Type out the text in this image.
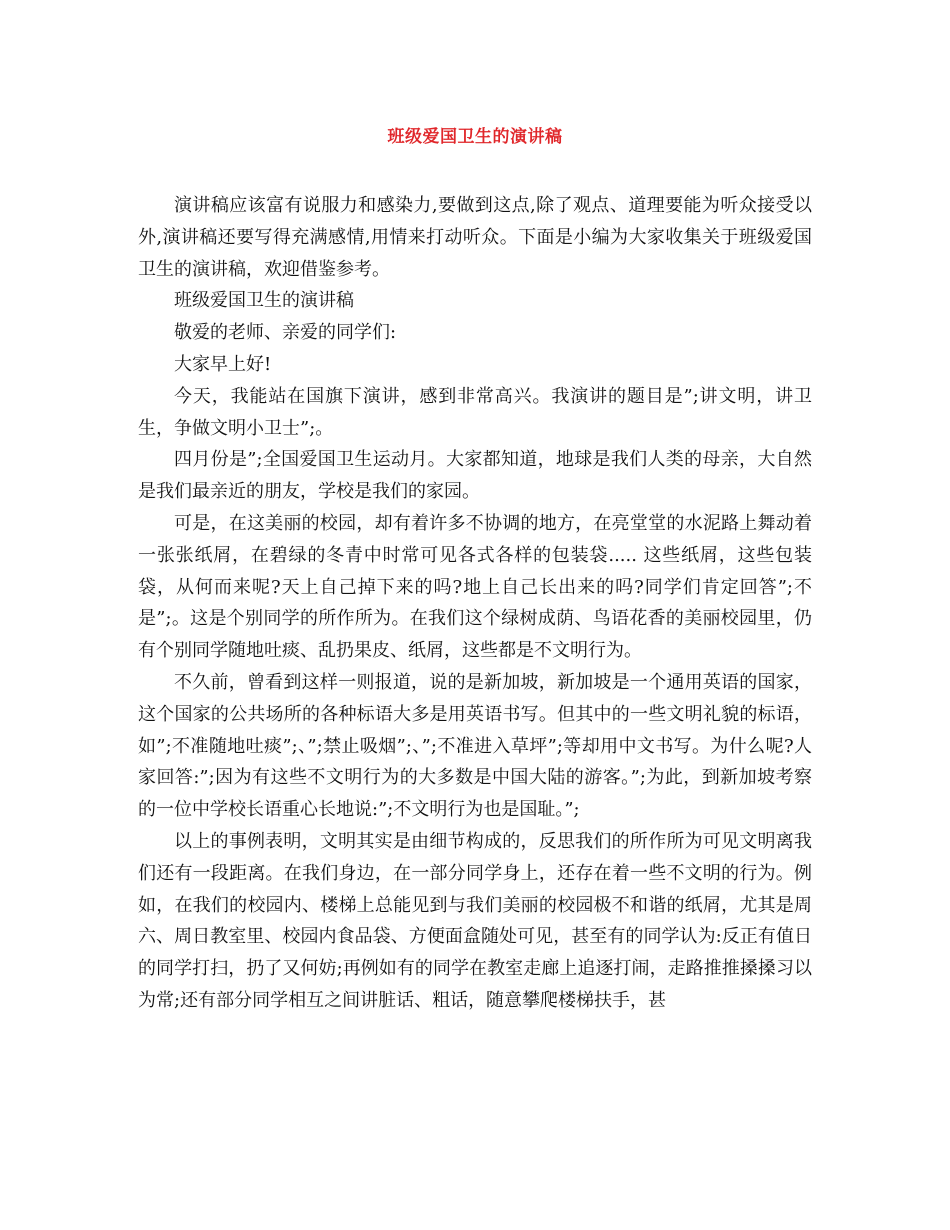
班级爱国卫生的演讲稿

演讲稿应该富有说服力和感染力,要做到这点,除了观点、道理要能为听众接受以外,演讲稿还要写得充满感情,用情来打动听众。下面是小编为大家收集关于班级爱国卫生的演讲稿，欢迎借鉴参考。

班级爱国卫生的演讲稿

敬爱的老师、亲爱的同学们:

大家早上好!

今天，我能站在国旗下演讲，感到非常高兴。我演讲的题目是”;讲文明，讲卫生，争做文明小卫士”;。

四月份是”;全国爱国卫生运动月。大家都知道，地球是我们人类的母亲，大自然是我们最亲近的朋友，学校是我们的家园。

可是，在这美丽的校园，却有着许多不协调的地方，在亮堂堂的水泥路上舞动着一张张纸屑，在碧绿的冬青中时常可见各式各样的包装袋..... 这些纸屑，这些包装袋，从何而来呢?天上自己掉下来的吗?地上自己长出来的吗?同学们肯定回答”;不是”;。这是个别同学的所作所为。在我们这个绿树成荫、鸟语花香的美丽校园里，仍有个别同学随地吐痰、乱扔果皮、纸屑，这些都是不文明行为。

不久前，曾看到这样一则报道，说的是新加坡，新加坡是一个通用英语的国家，这个国家的公共场所的各种标语大多是用英语书写。但其中的一些文明礼貌的标语，如”;不准随地吐痰”;、”;禁止吸烟”;、”;不准进入草坪”;等却用中文书写。为什么呢?人家回答:”;因为有这些不文明行为的大多数是中国大陆的游客。”;为此，到新加坡考察的一位中学校长语重心长地说:”;不文明行为也是国耻。”;

以上的事例表明，文明其实是由细节构成的，反思我们的所作所为可见文明离我们还有一段距离。在我们身边，在一部分同学身上，还存在着一些不文明的行为。例如，在我们的校园内、楼梯上总能见到与我们美丽的校园极不和谐的纸屑，尤其是周六、周日教室里、校园内食品袋、方便面盒随处可见，甚至有的同学认为:反正有值日的同学打扫，扔了又何妨;再例如有的同学在教室走廊上追逐打闹，走路推推搡搡习以为常;还有部分同学相互之间讲脏话、粗话，随意攀爬楼梯扶手，甚
